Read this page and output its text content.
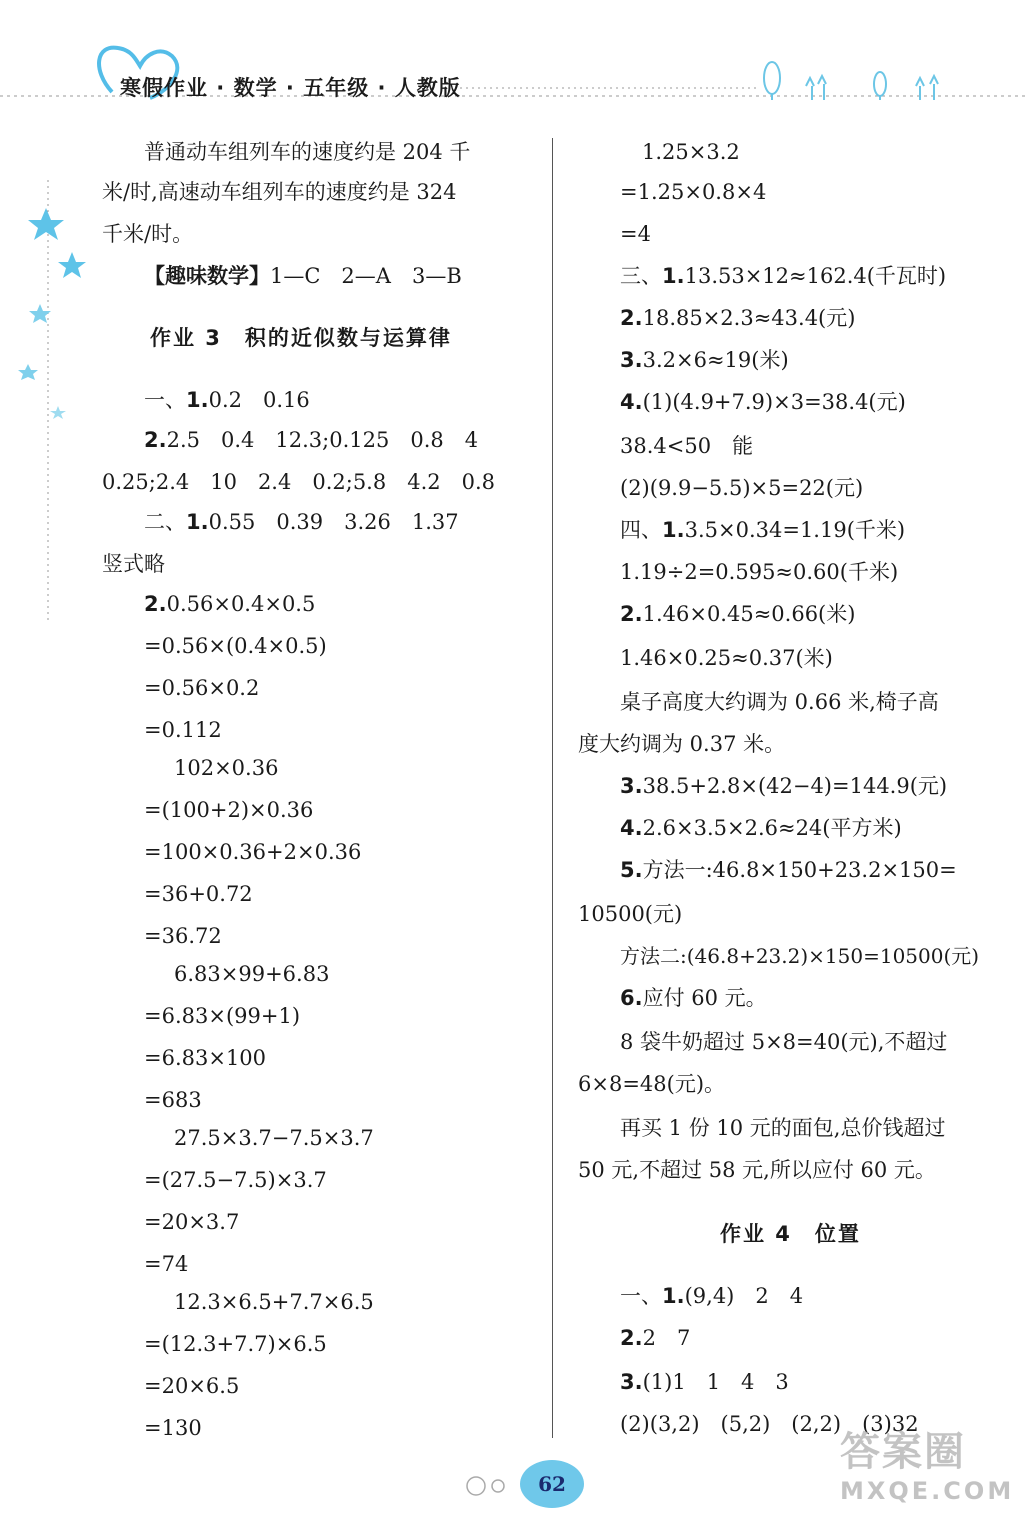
寒假作业 · 数学 · 五年级 · 人教版
普通动车组列车的速度约是 204 千
米/时,高速动车组列车的速度约是 324
千米/时。
【趣味数学】1—C　2—A　3—B
作业 3　积的近似数与运算律
一、1.0.2　0.16
2.2.5　0.4　12.3;0.125　0.8　4
0.25;2.4　10　2.4　0.2;5.8　4.2　0.8
二、1.0.55　0.39　3.26　1.37
竖式略
2.0.56×0.4×0.5
=0.56×(0.4×0.5)
=0.56×0.2
=0.112
102×0.36
=(100+2)×0.36
=100×0.36+2×0.36
=36+0.72
=36.72
6.83×99+6.83
=6.83×(99+1)
=6.83×100
=683
27.5×3.7−7.5×3.7
=(27.5−7.5)×3.7
=20×3.7
=74
12.3×6.5+7.7×6.5
=(12.3+7.7)×6.5
=20×6.5
=130
1.25×3.2
=1.25×0.8×4
=4
三、1.13.53×12≈162.4(千瓦时)
2.18.85×2.3≈43.4(元)
3.3.2×6≈19(米)
4.(1)(4.9+7.9)×3=38.4(元)
38.4<50　能
(2)(9.9−5.5)×5=22(元)
四、1.3.5×0.34=1.19(千米)
1.19÷2=0.595≈0.60(千米)
2.1.46×0.45≈0.66(米)
1.46×0.25≈0.37(米)
桌子高度大约调为 0.66 米,椅子高
度大约调为 0.37 米。
3.38.5+2.8×(42−4)=144.9(元)
4.2.6×3.5×2.6≈24(平方米)
5.方法一:46.8×150+23.2×150=
10500(元)
方法二:(46.8+23.2)×150=10500(元)
6.应付 60 元。
8 袋牛奶超过 5×8=40(元),不超过
6×8=48(元)。
再买 1 份 10 元的面包,总价钱超过
50 元,不超过 58 元,所以应付 60 元。
作业 4　位置
一、1.(9,4)　2　4
2.2　7
3.(1)1　1　4　3
(2)(3,2)　(5,2)　(2,2)　(3)32
62
答案圈
MXQE.COM
